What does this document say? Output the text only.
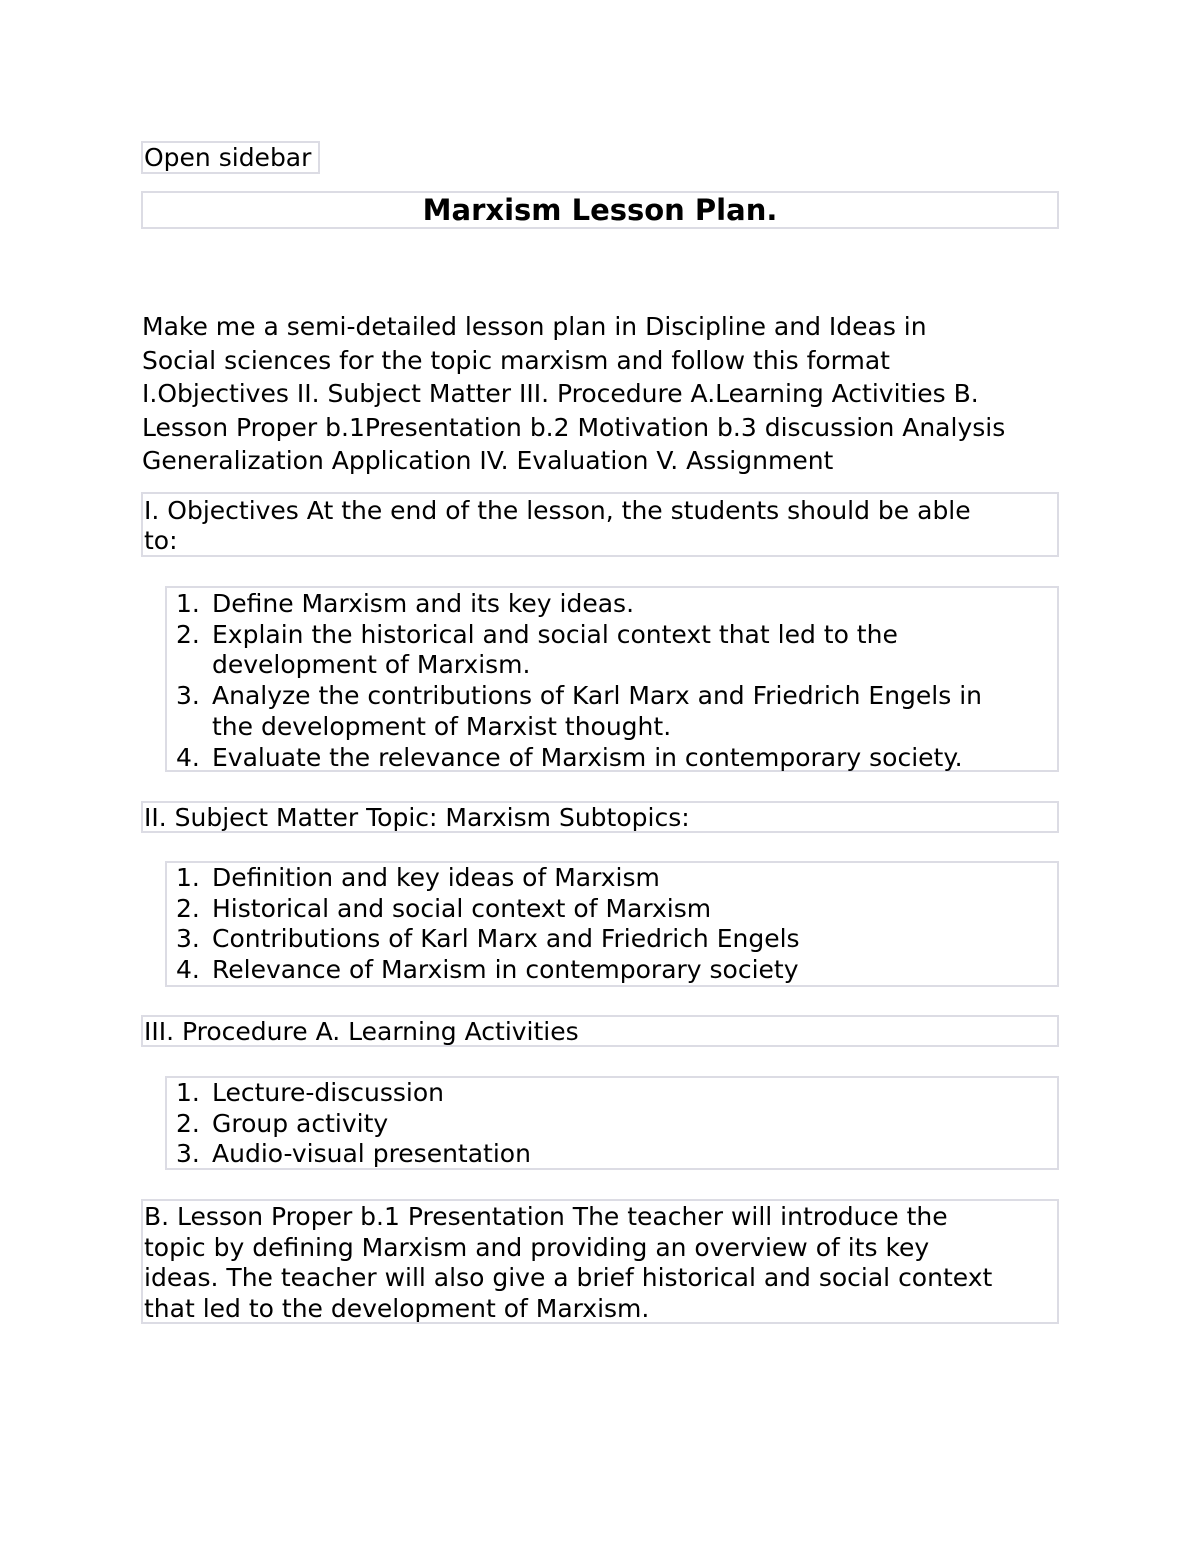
Open sidebar
Marxism Lesson Plan.
Make me a semi-detailed lesson plan in Discipline and Ideas in
Social sciences for the topic marxism and follow this format
I.Objectives II. Subject Matter III. Procedure A.Learning Activities B.
Lesson Proper b.1Presentation b.2 Motivation b.3 discussion Analysis
Generalization Application IV. Evaluation V. Assignment
I. Objectives At the end of the lesson, the students should be able
to:
1. Define Marxism and its key ideas.
2. Explain the historical and social context that led to the
development of Marxism.
3. Analyze the contributions of Karl Marx and Friedrich Engels in
the development of Marxist thought.
4. Evaluate the relevance of Marxism in contemporary society.
II. Subject Matter Topic: Marxism Subtopics:
1. Definition and key ideas of Marxism
2. Historical and social context of Marxism
3. Contributions of Karl Marx and Friedrich Engels
4. Relevance of Marxism in contemporary society
III. Procedure A. Learning Activities
1. Lecture-discussion
2. Group activity
3. Audio-visual presentation
B. Lesson Proper b.1 Presentation The teacher will introduce the
topic by defining Marxism and providing an overview of its key
ideas. The teacher will also give a brief historical and social context
that led to the development of Marxism.
